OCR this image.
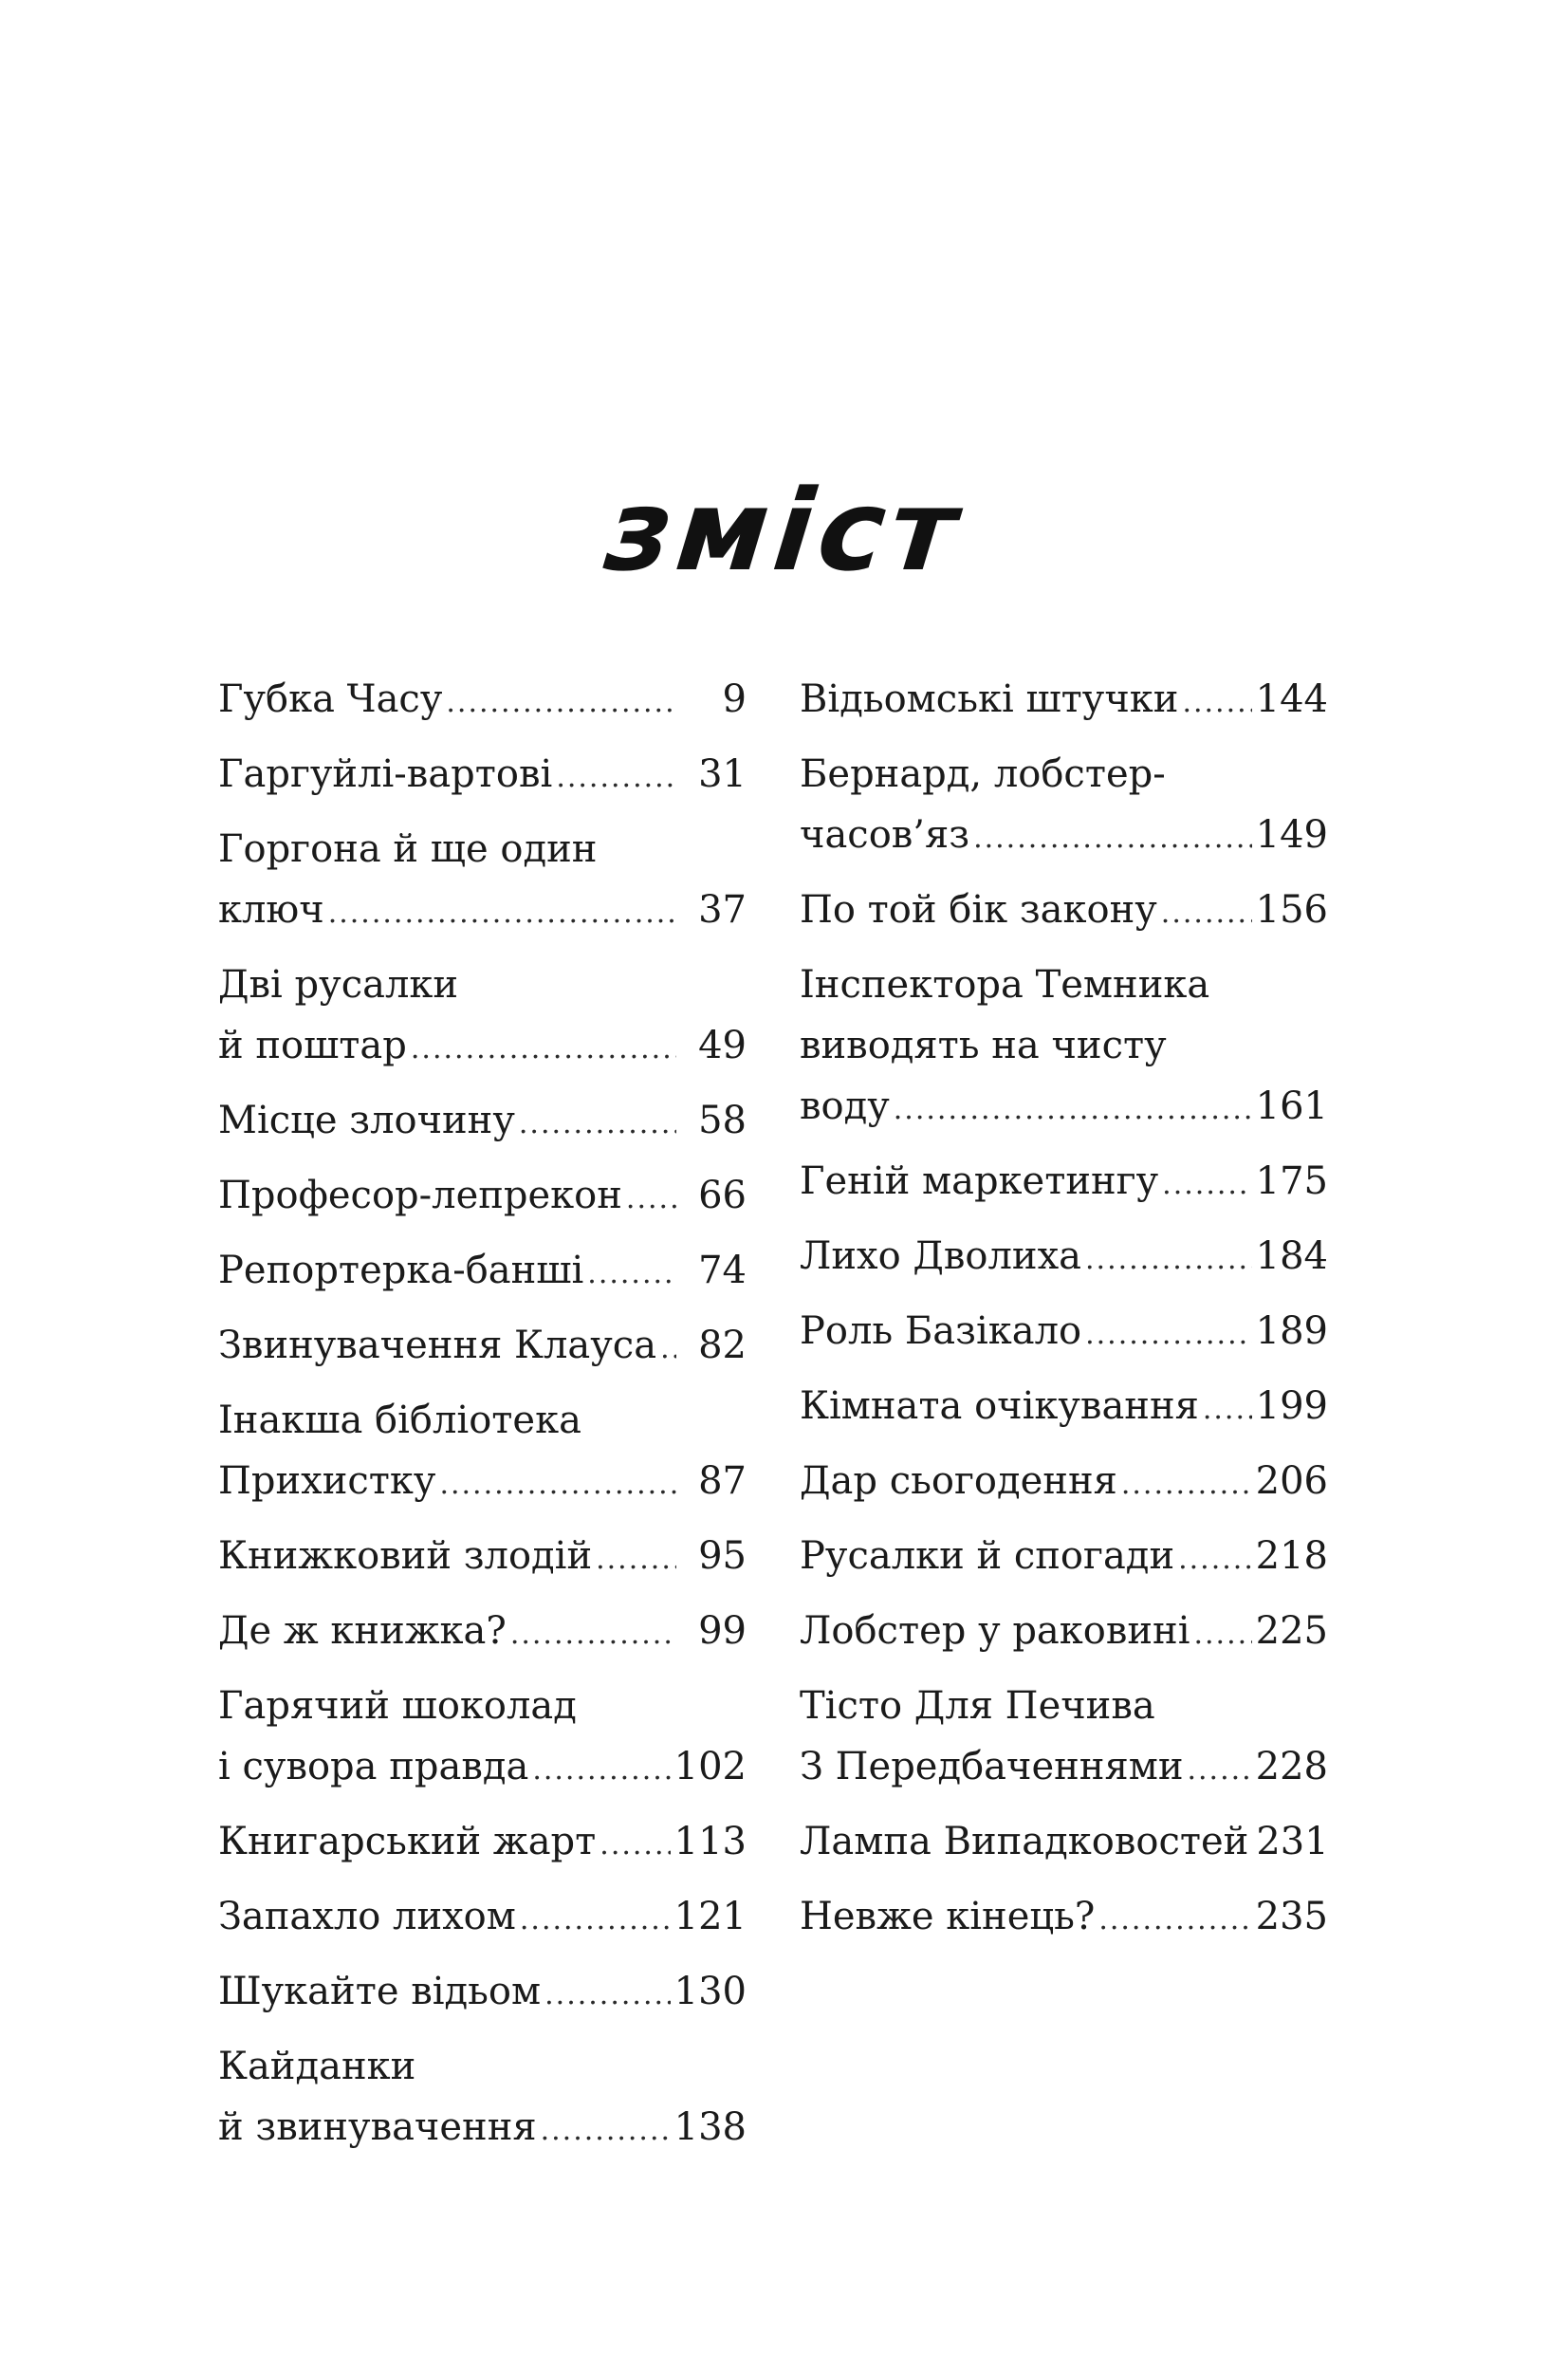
зміст
Губка Часу .....	9
Гаргуйлі-вартові .....	31
Горгона й ще один
ключ .....	37
Дві русалки
й поштар .....	49
Місце злочину .....	58
Професор-лепрекон .....	66
Репортерка-банші .....	74
Звинувачення Клауса .....	82
Інакша бібліотека
Прихистку .....	87
Книжковий злодій .....	95
Де ж книжка? .....	99
Гарячий шоколад
і сувора правда .....	102
Книгарський жарт ..... 113
Запахло лихом .....	121
Шукайте відьом .....	130
Кайданки
й звинувачення .....	138
Відьомські штучки ..... 144
Бернард, лобстер-
часов’яз .....	149
По той бік закону .....	156
Інспектора Темника
виводять на чисту
воду .....	161
Геній маркетингу .....	175
Лихо Дволиха .....	184
Роль Базікало .....	189
Кімната очікування ..... 199
Дар сьогодення .....	206
Русалки й спогади ..... 218
Лобстер у раковині ..... 225
Тісто Для Печива
З Передбаченнями ..... 228
Лампа Випадковостей 231
Невже кінець? .....	235
